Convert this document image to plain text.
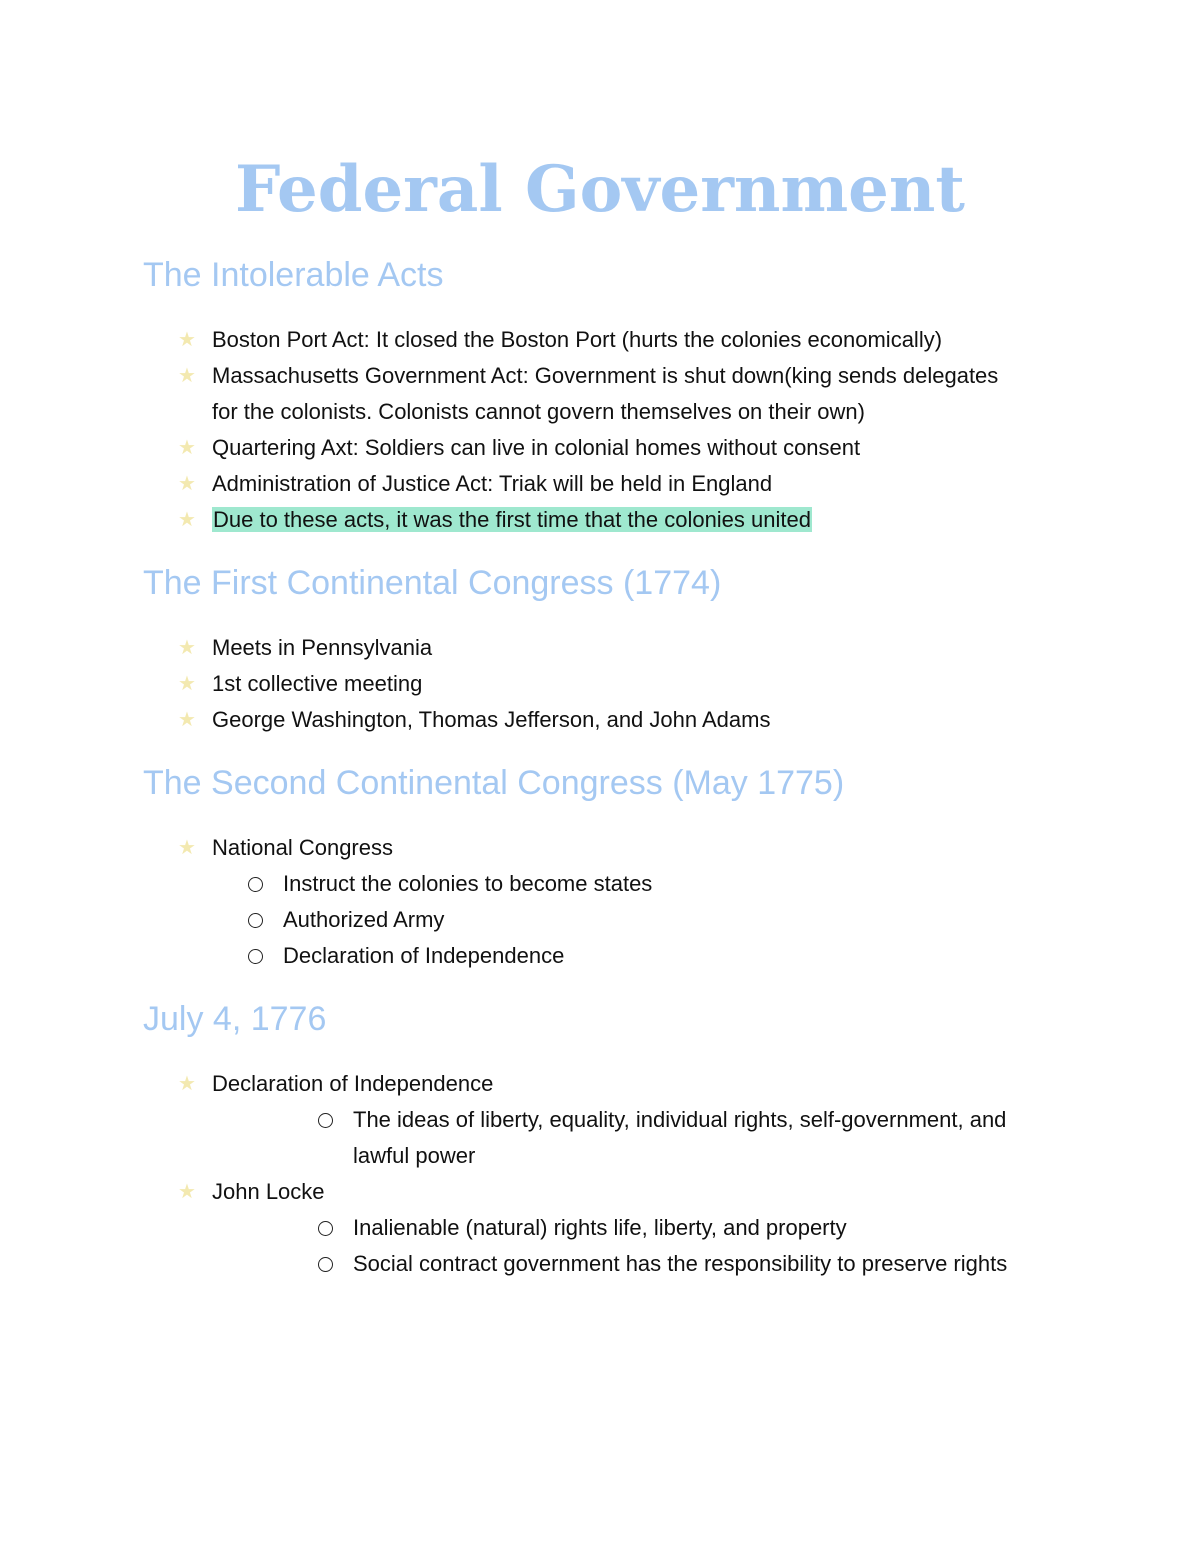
Federal Government
The Intolerable Acts
★ Boston Port Act: It closed the Boston Port (hurts the colonies economically)
★ Massachusetts Government Act: Government is shut down(king sends delegates
for the colonists. Colonists cannot govern themselves on their own)
★ Quartering Axt: Soldiers can live in colonial homes without consent
★ Administration of Justice Act: Triak will be held in England
★ Due to these acts, it was the first time that the colonies united
The First Continental Congress (1774)
★ Meets in Pennsylvania
★ 1st collective meeting
★ George Washington, Thomas Jefferson, and John Adams
The Second Continental Congress (May 1775)
★ National Congress
Instruct the colonies to become states
Authorized Army
Declaration of Independence
July 4, 1776
★ Declaration of Independence
The ideas of liberty, equality, individual rights, self-government, and
lawful power
★ John Locke
Inalienable (natural) rights life, liberty, and property
Social contract government has the responsibility to preserve rights
